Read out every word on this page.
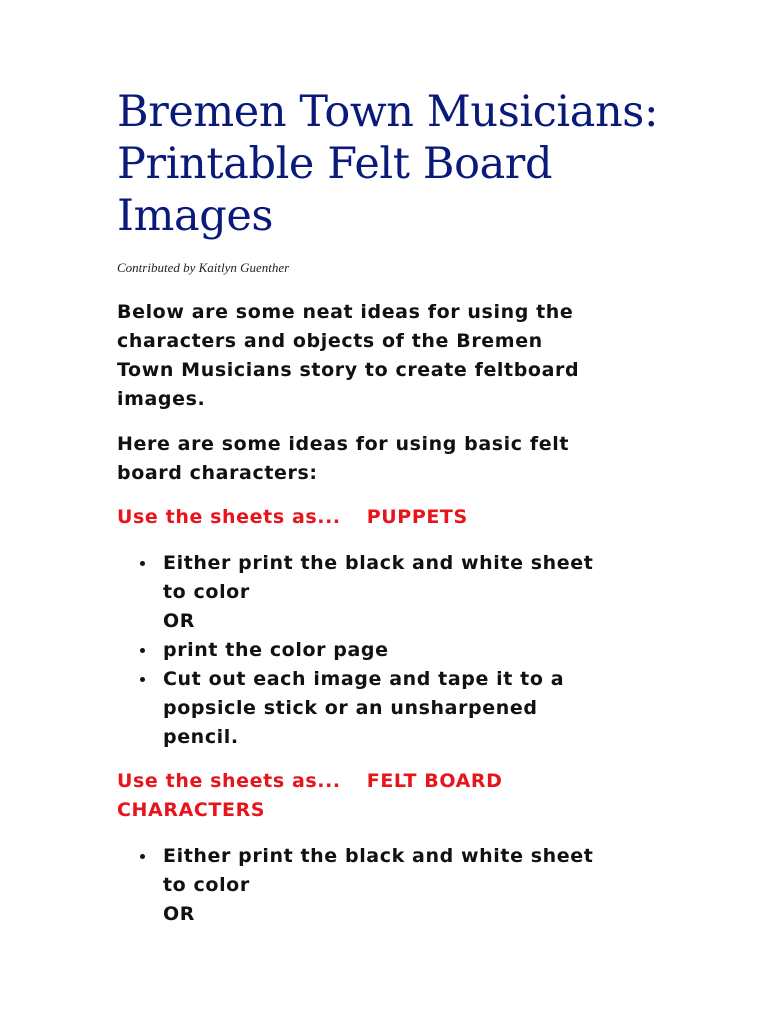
Bremen Town Musicians:
Printable Felt Board
Images

Contributed by Kaitlyn Guenther

Below are some neat ideas for using the
characters and objects of the Bremen
Town Musicians story to create feltboard
images.

Here are some ideas for using basic felt
board characters:

Use the sheets as... PUPPETS

Either print the black and white sheet
to color
OR
print the color page
Cut out each image and tape it to a
popsicle stick or an unsharpened
pencil.

Use the sheets as... FELT BOARD
CHARACTERS

Either print the black and white sheet
to color
OR
